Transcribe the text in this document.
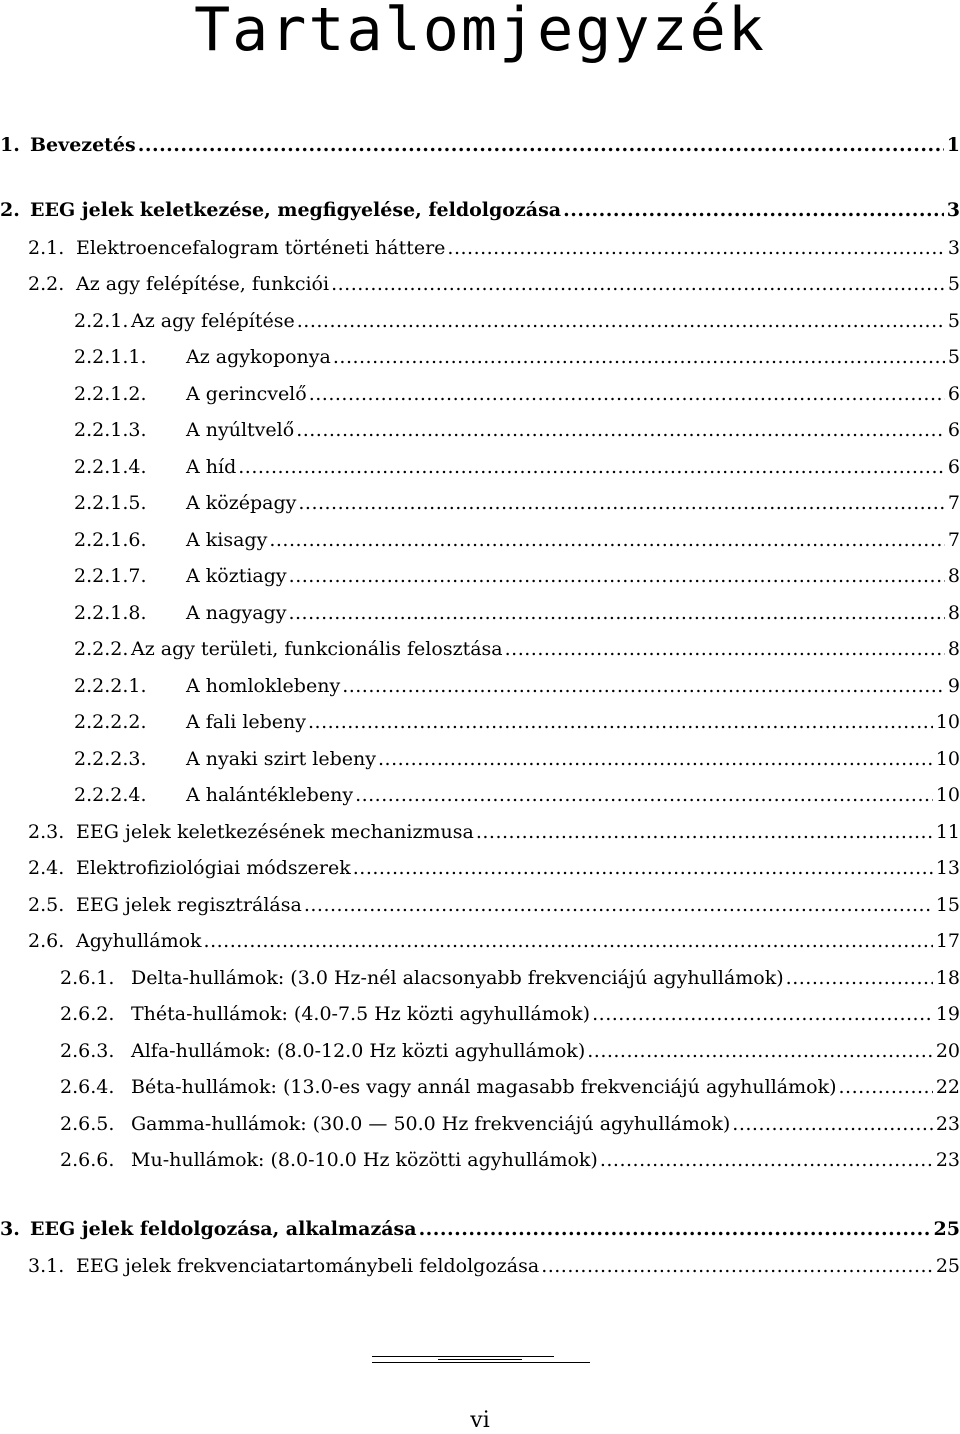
Tartalomjegyzék
1. Bevezetés .....	1
2. EEG jelek keletkezése, megfigyelése, feldolgozása .....	3
2.1. Elektroencefalogram történeti háttere .....	3
2.2. Az agy felépítése, funkciói .....	5
2.2.1. Az agy felépítése .....	5
2.2.1.1.	Az agykoponya .....	5
2.2.1.2.	A gerincvelő .....	6
2.2.1.3.	A nyúltvelő .....	6
2.2.1.4.	A híd .....	6
2.2.1.5.	A középagy .....	7
2.2.1.6.	A kisagy .....	7
2.2.1.7.	A köztiagy .....	8
2.2.1.8.	A nagyagy .....	8
2.2.2. Az agy területi, funkcionális felosztása .....	8
2.2.2.1.	A homloklebeny .....	9
2.2.2.2.	A fali lebeny .....	10
2.2.2.3.	A nyaki szirt lebeny .....	10
2.2.2.4.	A halántéklebeny .....	10
2.3. EEG jelek keletkezésének mechanizmusa .....	11
2.4. Elektrofiziológiai módszerek .....	13
2.5. EEG jelek regisztrálása .....	15
2.6. Agyhullámok .....	17
2.6.1. Delta-hullámok: (3.0 Hz-nél alacsonyabb frekvenciájú agyhullámok) .....	18
2.6.2. Théta-hullámok: (4.0-7.5 Hz közti agyhullámok) .....	19
2.6.3. Alfa-hullámok: (8.0-12.0 Hz közti agyhullámok) .....	20
2.6.4. Béta-hullámok: (13.0-es vagy annál magasabb frekvenciájú agyhullámok) .....	22
2.6.5. Gamma-hullámok: (30.0 — 50.0 Hz frekvenciájú agyhullámok) .....	23
2.6.6. Mu-hullámok: (8.0-10.0 Hz közötti agyhullámok) .....	23
3. EEG jelek feldolgozása, alkalmazása .....	25
3.1. EEG jelek frekvenciatartománybeli feldolgozása .....	25
vi
